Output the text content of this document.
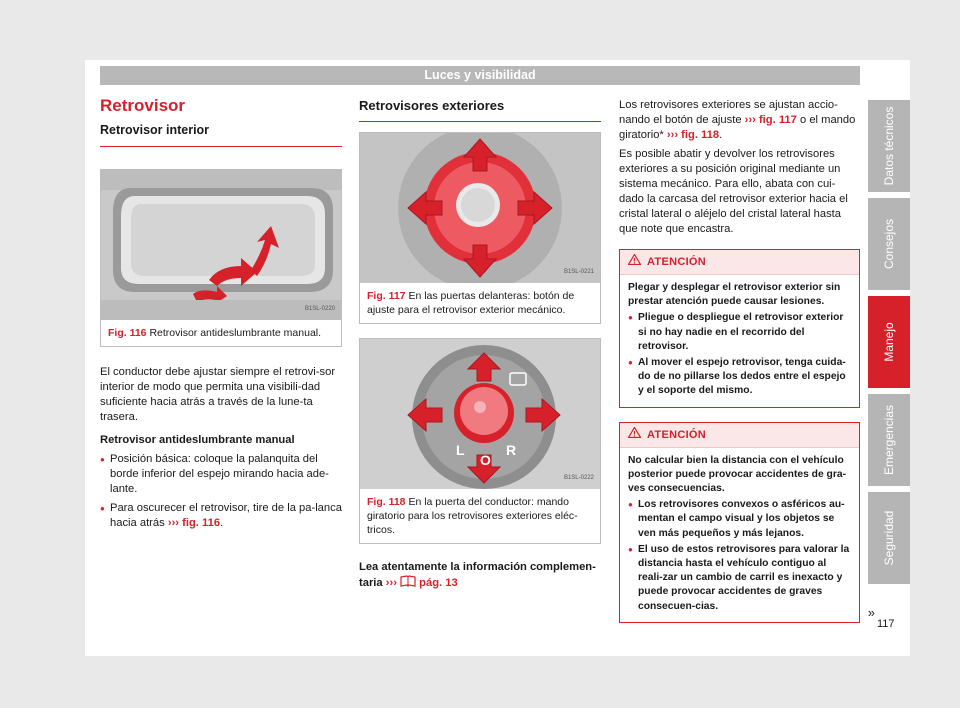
Luces y visibilidad
Retrovisor
Retrovisor interior
B1SL-0220
Fig. 116 Retrovisor antideslumbrante manual.

El conductor debe ajustar siempre el retrovi-sor interior de modo que permita una visibili-dad suficiente hacia atrás a través de la lune-ta trasera.

Retrovisor antideslumbrante manual

● Posición básica: coloque la palanquita del borde inferior del espejo mirando hacia ade-lante.

● Para oscurecer el retrovisor, tire de la pa-lanca hacia atrás ››› fig. 116.

Retrovisores exteriores
B1SL-0221
Fig. 117 En las puertas delanteras: botón de ajuste para el retrovisor exterior mecánico.
L
O
R
B1SL-0222
Fig. 118 En la puerta del conductor: mando giratorio para los retrovisores exteriores eléc-tricos.

Lea atentamente la información complemen-taria ›››  pág. 13

Los retrovisores exteriores se ajustan accio-nando el botón de ajuste ››› fig. 117 o el mando giratorio* ››› fig. 118.

Es posible abatir y devolver los retrovisores exteriores a su posición original mediante un sistema mecánico. Para ello, abata con cui-dado la carcasa del retrovisor exterior hacia el cristal lateral o aléjelo del cristal lateral hasta que note que encastra.

ATENCIÓN

Plegar y desplegar el retrovisor exterior sin prestar atención puede causar lesiones.

● Pliegue o despliegue el retrovisor exterior si no hay nadie en el recorrido del retrovisor.

● Al mover el espejo retrovisor, tenga cuida-do de no pillarse los dedos entre el espejo y el soporte del mismo.

ATENCIÓN

No calcular bien la distancia con el vehículo posterior puede provocar accidentes de gra-ves consecuencias.

● Los retrovisores convexos o asféricos au-mentan el campo visual y los objetos se ven más pequeños y más lejanos.

● El uso de estos retrovisores para valorar la distancia hasta el vehículo contiguo al reali-zar un cambio de carril es inexacto y puede provocar accidentes de graves consecuen-cias.	»
Datos técnicos
Consejos
Manejo
Emergencias
Seguridad
117
